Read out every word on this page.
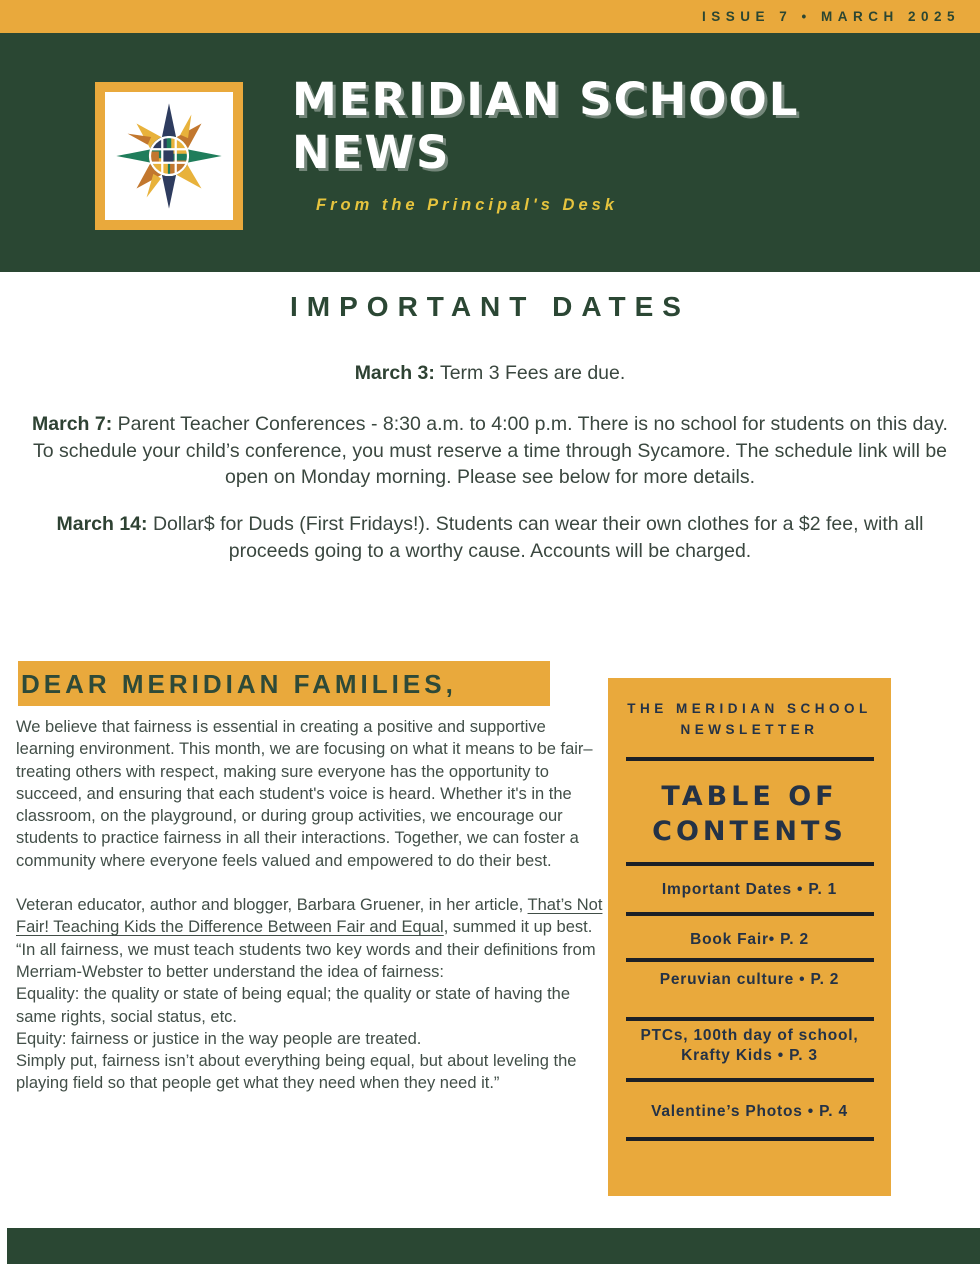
ISSUE 7 • MARCH 2025
MERIDIAN SCHOOL
NEWS
From the Principal's Desk
IMPORTANT DATES

March 3: Term 3 Fees are due.

March 7: Parent Teacher Conferences - 8:30 a.m. to 4:00 p.m. There is no school for students on this day. To schedule your child’s conference, you must reserve a time through Sycamore. The schedule link will be open on Monday morning. Please see below for more details.

March 14: Dollar$ for Duds (First Fridays!). Students can wear their own clothes for a $2 fee, with all proceeds going to a worthy cause. Accounts will be charged.

DEAR MERIDIAN FAMILIES,

We believe that fairness is essential in creating a positive and supportive learning environment. This month, we are focusing on what it means to be fair–treating others with respect, making sure everyone has the opportunity to succeed, and ensuring that each student's voice is heard. Whether it's in the classroom, on the playground, or during group activities, we encourage our students to practice fairness in all their interactions. Together, we can foster a community where everyone feels valued and empowered to do their best.

Veteran educator, author and blogger, Barbara Gruener, in her article, That’s Not Fair! Teaching Kids the Difference Between Fair and Equal, summed it up best.

“In all fairness, we must teach students two key words and their definitions from Merriam-Webster to better understand the idea of fairness:

Equality: the quality or state of being equal; the quality or state of having the same rights, social status, etc.

Equity: fairness or justice in the way people are treated.

Simply put, fairness isn’t about everything being equal, but about leveling the playing field so that people get what they need when they need it.”

THE MERIDIAN SCHOOL
NEWSLETTER
TABLE OF
CONTENTS
Important Dates • P. 1
Book Fair• P. 2
Peruvian culture • P. 2
PTCs, 100th day of school, Krafty Kids • P. 3
Valentine’s Photos • P. 4
